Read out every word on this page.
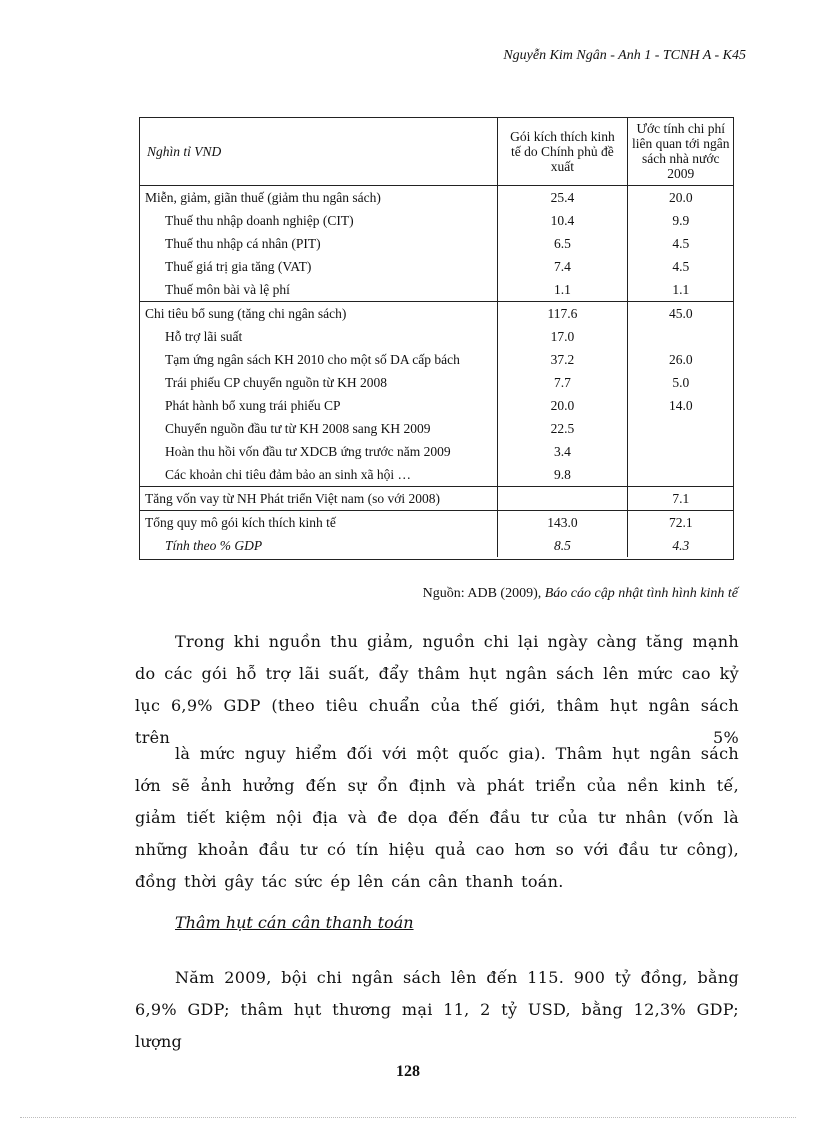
Nguyễn Kim Ngân - Anh 1 - TCNH A - K45
Nghìn tỉ VND	Gói kích thích kinh tế do Chính phủ đề xuất	Ước tính chi phí liên quan tới ngân sách nhà nước 2009
Miễn, giảm, giãn thuế (giảm thu ngân sách)	25.4	20.0
Thuế thu nhập doanh nghiệp (CIT)	10.4	9.9
Thuế thu nhập cá nhân (PIT)	6.5	4.5
Thuế giá trị gia tăng (VAT)	7.4	4.5
Thuế môn bài và lệ phí	1.1	1.1
Chi tiêu bổ sung (tăng chi ngân sách)	117.6	45.0
Hỗ trợ lãi suất	17.0	
Tạm ứng ngân sách KH 2010 cho một số DA cấp bách	37.2	26.0
Trái phiếu CP chuyển nguồn từ KH 2008	7.7	5.0
Phát hành bổ xung trái phiếu CP	20.0	14.0
Chuyển nguồn đầu tư từ KH 2008 sang KH 2009	22.5	
Hoàn thu hồi vốn đầu tư XDCB ứng trước năm 2009	3.4	
Các khoản chi tiêu đảm bảo an sinh xã hội …	9.8	
Tăng vốn vay từ NH Phát triển Việt nam (so với 2008)		7.1
Tổng quy mô gói kích thích kinh tế	143.0	72.1
Tính theo % GDP	8.5	4.3
Nguồn: ADB (2009), Báo cáo cập nhật tình hình kinh tế
Trong khi nguồn thu giảm, nguồn chi lại ngày càng tăng mạnh do các gói hỗ trợ lãi suất, đẩy thâm hụt ngân sách lên mức cao kỷ lục 6,9% GDP (theo tiêu chuẩn của thế giới, thâm hụt ngân sách trên 5%
là mức nguy hiểm đối với một quốc gia). Thâm hụt ngân sách lớn sẽ ảnh hưởng đến sự ổn định và phát triển của nền kinh tế, giảm tiết kiệm nội địa và đe dọa đến đầu tư của tư nhân (vốn là những khoản đầu tư có tín hiệu quả cao hơn so với đầu tư công), đồng thời gây tác sức ép lên cán cân thanh toán.
Thâm hụt cán cân thanh toán
Năm 2009, bội chi ngân sách lên đến 115. 900 tỷ đồng, bằng 6,9% GDP; thâm hụt thương mại 11, 2 tỷ USD, bằng 12,3% GDP; lượng
128
